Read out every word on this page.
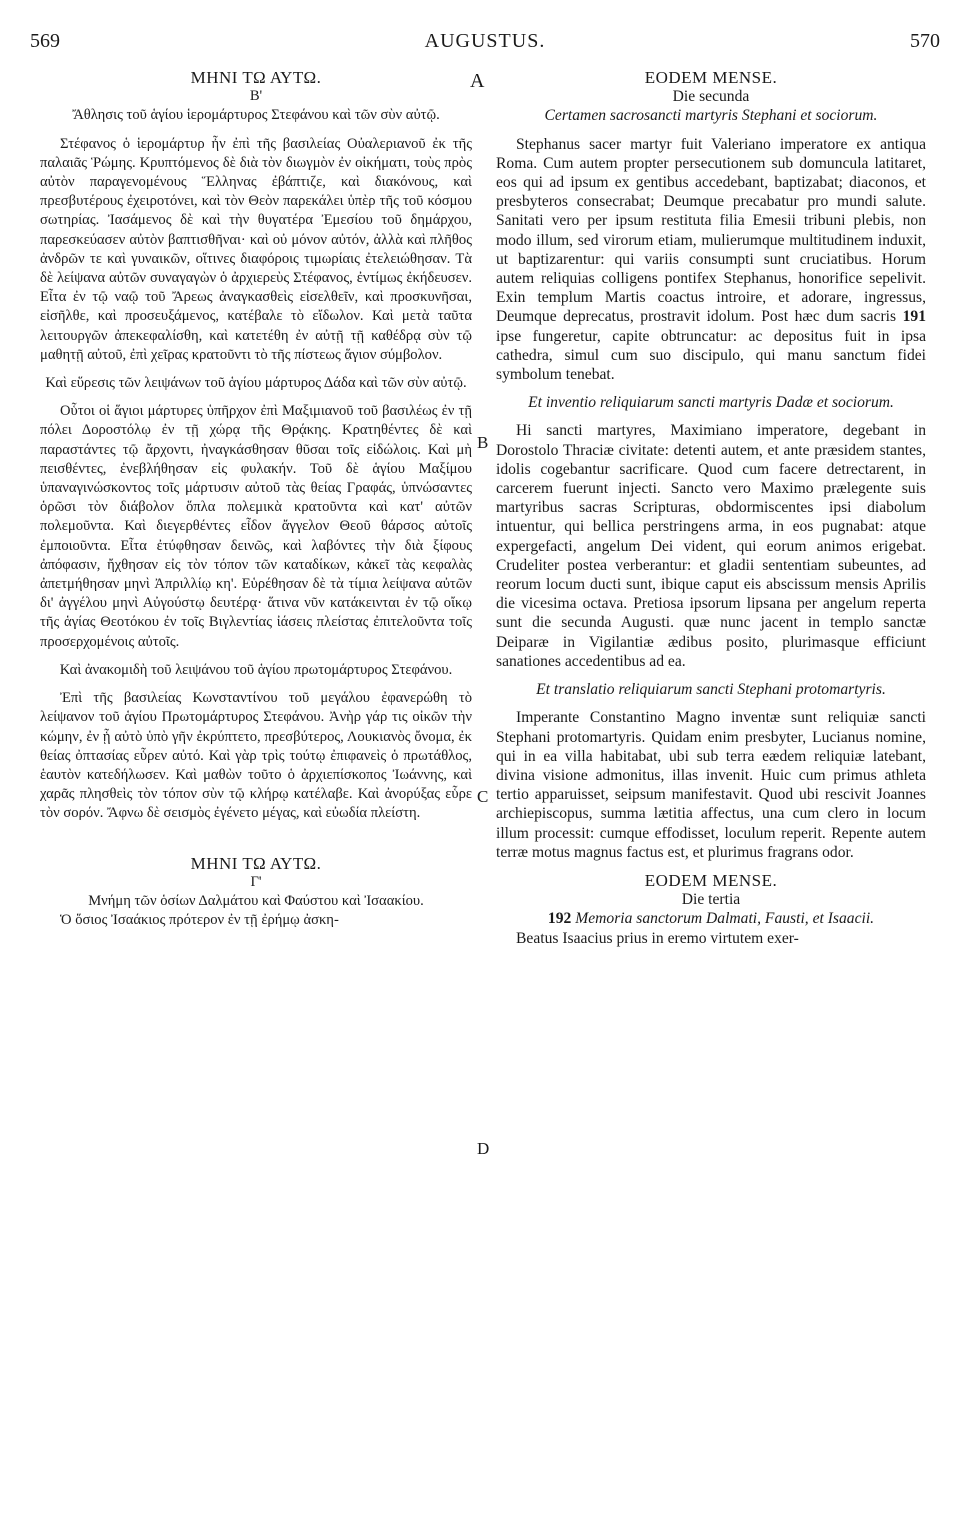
569	AUGUSTUS.	570
A
B
C
D

ΜΗΝΙ ΤΩ ΑΥΤΩ.

Β'

Ἄθλησις τοῦ ἁγίου ἱερομάρτυρος Στεφάνου καὶ τῶν σὺν αὐτῷ.

Στέφανος ὁ ἱερομάρτυρ ἦν ἐπὶ τῆς βασιλείας Οὐαλεριανοῦ ἐκ τῆς παλαιᾶς Ῥώμης. Κρυπτόμενος δὲ διὰ τὸν διωγμὸν ἐν οἰκήματι, τοὺς πρὸς αὐτὸν παραγενομένους Ἕλληνας ἐβάπτιζε, καὶ διακόνους, καὶ πρεσβυτέρους ἐχειροτόνει, καὶ τὸν Θεὸν παρεκάλει ὑπὲρ τῆς τοῦ κόσμου σωτηρίας. Ἰασάμενος δὲ καὶ τὴν θυγατέρα Ἐμεσίου τοῦ δημάρχου, παρεσκεύασεν αὐτὸν βαπτισθῆναι· καὶ οὐ μόνον αὐτόν, ἀλλὰ καὶ πλῆθος ἀνδρῶν τε καὶ γυναικῶν, οἵτινες διαφόροις τιμωρίαις ἐτελειώθησαν. Τὰ δὲ λείψανα αὐτῶν συναγαγὼν ὁ ἀρχιερεὺς Στέφανος, ἐντίμως ἐκήδευσεν. Εἶτα ἐν τῷ ναῷ τοῦ Ἄρεως ἀναγκασθεὶς εἰσελθεῖν, καὶ προσκυνῆσαι, εἰσῆλθε, καὶ προσευξάμενος, κατέβαλε τὸ εἴδωλον. Καὶ μετὰ ταῦτα λειτουργῶν ἀπεκεφαλίσθη, καὶ κατετέθη ἐν αὐτῇ τῇ καθέδρᾳ σὺν τῷ μαθητῇ αὐτοῦ, ἐπὶ χεῖρας κρατοῦντι τὸ τῆς πίστεως ἅγιον σύμβολον.

Καὶ εὕρεσις τῶν λειψάνων τοῦ ἁγίου μάρτυρος Δάδα καὶ τῶν σὺν αὐτῷ.

Οὗτοι οἱ ἅγιοι μάρτυρες ὑπῆρχον ἐπὶ Μαξιμιανοῦ τοῦ βασιλέως ἐν τῇ πόλει Δοροστόλῳ ἐν τῇ χώρᾳ τῆς Θρᾴκης. Κρατηθέντες δὲ καὶ παραστάντες τῷ ἄρχοντι, ἠναγκάσθησαν θῦσαι τοῖς εἰδώλοις. Καὶ μὴ πεισθέντες, ἐνεβλήθησαν εἰς φυλακήν. Τοῦ δὲ ἁγίου Μαξίμου ὑπαναγινώσκοντος τοῖς μάρτυσιν αὐτοῦ τὰς θείας Γραφάς, ὑπνώσαντες ὁρῶσι τὸν διάβολον ὅπλα πολεμικὰ κρατοῦντα καὶ κατ' αὐτῶν πολεμοῦντα. Καὶ διεγερθέντες εἶδον ἄγγελον Θεοῦ θάρσος αὐτοῖς ἐμποιοῦντα. Εἶτα ἐτύφθησαν δεινῶς, καὶ λαβόντες τὴν διὰ ξίφους ἀπόφασιν, ἤχθησαν εἰς τὸν τόπον τῶν καταδίκων, κἀκεῖ τὰς κεφαλὰς ἀπετμήθησαν μηνὶ Ἀπριλλίῳ κη'. Εὑρέθησαν δὲ τὰ τίμια λείψανα αὐτῶν δι' ἀγγέλου μηνὶ Αὐγούστῳ δευτέρᾳ· ἅτινα νῦν κατάκεινται ἐν τῷ οἴκῳ τῆς ἁγίας Θεοτόκου ἐν τοῖς Βιγλεντίας ἰάσεις πλείστας ἐπιτελοῦντα τοῖς προσερχομένοις αὐτοῖς.

Καὶ ἀνακομιδὴ τοῦ λειψάνου τοῦ ἁγίου πρωτομάρτυρος Στεφάνου.

Ἐπὶ τῆς βασιλείας Κωνσταντίνου τοῦ μεγάλου ἐφανερώθη τὸ λείψανον τοῦ ἁγίου Πρωτομάρτυρος Στεφάνου. Ἀνὴρ γάρ τις οἰκῶν τὴν κώμην, ἐν ᾗ αὐτὸ ὑπὸ γῆν ἐκρύπτετο, πρεσβύτερος, Λουκιανὸς ὄνομα, ἐκ θείας ὀπτασίας εὗρεν αὐτό. Καὶ γὰρ τρὶς τούτῳ ἐπιφανεὶς ὁ πρωτάθλος, ἑαυτὸν κατεδήλωσεν. Καὶ μαθὼν τοῦτο ὁ ἀρχιεπίσκοπος Ἰωάννης, καὶ χαρᾶς πλησθεὶς τὸν τόπον σὺν τῷ κλήρῳ κατέλαβε. Καὶ ἀνορύξας εὗρε τὸν σορόν. Ἄφνω δὲ σεισμὸς ἐγένετο μέγας, καὶ εὐωδία πλείστη.

ΜΗΝΙ ΤΩ ΑΥΤΩ.

Γ'

Μνήμη τῶν ὁσίων Δαλμάτου καὶ Φαύστου καὶ Ἰσαακίου.

Ὁ ὅσιος Ἰσαάκιος πρότερον ἐν τῇ ἐρήμῳ ἀσκη-

EODEM MENSE.

Die secunda

Certamen sacrosancti martyris Stephani et sociorum.

Stephanus sacer martyr fuit Valeriano imperatore ex antiqua Roma. Cum autem propter persecutionem sub domuncula latitaret, eos qui ad ipsum ex gentibus accedebant, baptizabat; diaconos, et presbyteros consecrabat; Deumque precabatur pro mundi salute. Sanitati vero per ipsum restituta filia Emesii tribuni plebis, non modo illum, sed virorum etiam, mulierumque multitudinem induxit, ut baptizarentur: qui variis consumpti sunt cruciatibus. Horum autem reliquias colligens pontifex Stephanus, honorifice sepelivit. Exin templum Martis coactus introire, et adorare, ingressus, Deumque deprecatus, prostravit idolum. Post hæc dum sacris 191 ipse fungeretur, capite obtruncatur: ac depositus fuit in ipsa cathedra, simul cum suo discipulo, qui manu sanctum fidei symbolum tenebat.

Et inventio reliquiarum sancti martyris Dadæ et sociorum.

Hi sancti martyres, Maximiano imperatore, degebant in Dorostolo Thraciæ civitate: detenti autem, et ante præsidem stantes, idolis cogebantur sacrificare. Quod cum facere detrectarent, in carcerem fuerunt injecti. Sancto vero Maximo prælegente suis martyribus sacras Scripturas, obdormiscentes ipsi diabolum intuentur, qui bellica perstringens arma, in eos pugnabat: atque expergefacti, angelum Dei vident, qui eorum animos erigebat. Crudeliter postea verberantur: et gladii sententiam subeuntes, ad reorum locum ducti sunt, ibique caput eis abscissum mensis Aprilis die vicesima octava. Pretiosa ipsorum lipsana per angelum reperta sunt die secunda Augusti. quæ nunc jacent in templo sanctæ Deiparæ in Vigilantiæ ædibus posito, plurimasque efficiunt sanationes accedentibus ad ea.

Et translatio reliquiarum sancti Stephani protomartyris.

Imperante Constantino Magno inventæ sunt reliquiæ sancti Stephani protomartyris. Quidam enim presbyter, Lucianus nomine, qui in ea villa habitabat, ubi sub terra eædem reliquiæ latebant, divina visione admonitus, illas invenit. Huic cum primus athleta tertio apparuisset, seipsum manifestavit. Quod ubi rescivit Joannes archiepiscopus, summa lætitia affectus, una cum clero in locum illum processit: cumque effodisset, loculum reperit. Repente autem terræ motus magnus factus est, et plurimus fragrans odor.

EODEM MENSE.

Die tertia

192 Memoria sanctorum Dalmati, Fausti, et Isaacii.

Beatus Isaacius prius in eremo virtutem exer-
